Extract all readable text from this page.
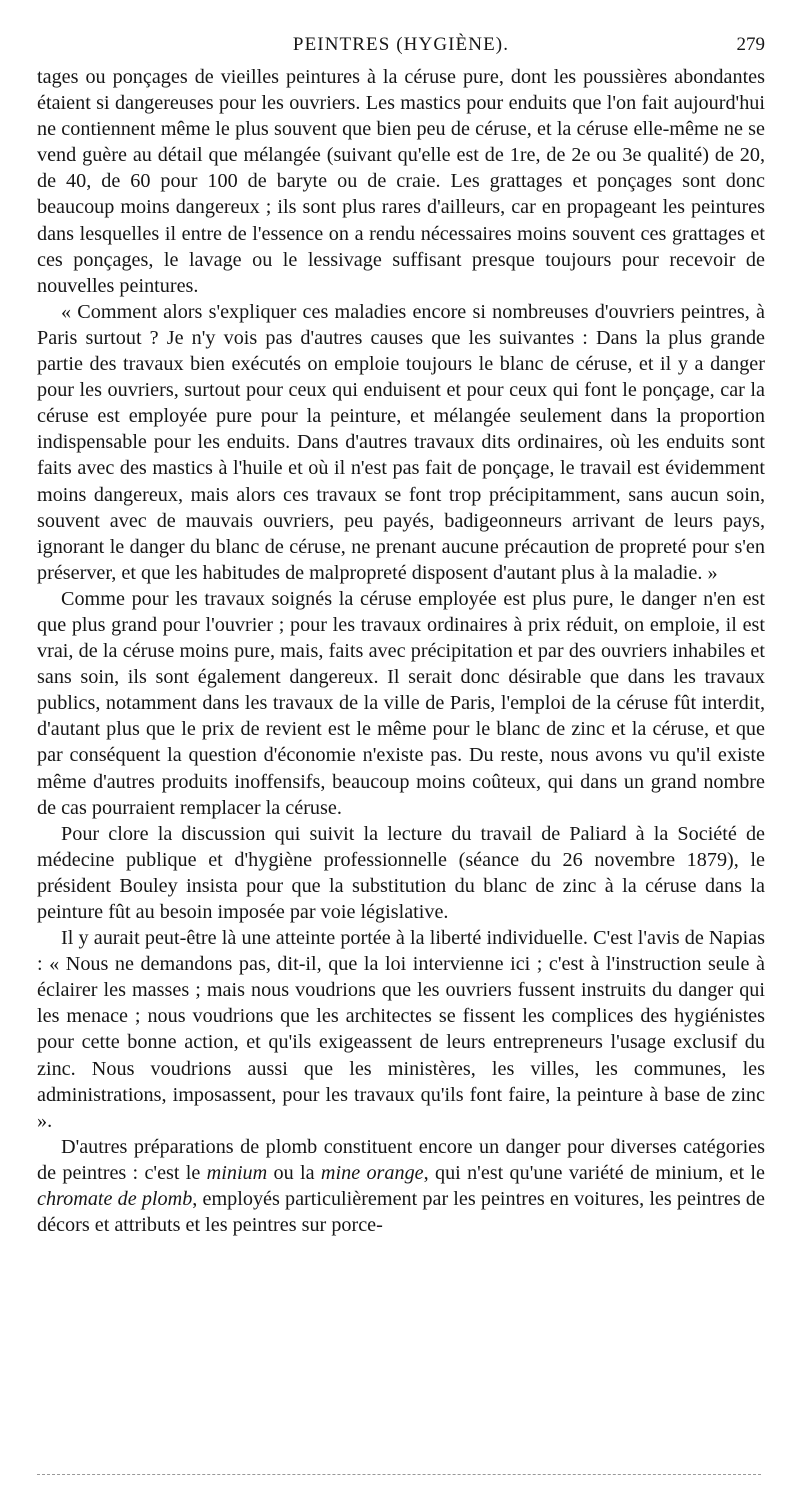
PEINTRES (HYGIÈNE).	279

tages ou ponçages de vieilles peintures à la céruse pure, dont les poussières abondantes étaient si dangereuses pour les ouvriers. Les mastics pour enduits que l'on fait aujourd'hui ne contiennent même le plus souvent que bien peu de céruse, et la céruse elle-même ne se vend guère au détail que mélangée (suivant qu'elle est de 1re, de 2e ou 3e qualité) de 20, de 40, de 60 pour 100 de baryte ou de craie. Les grattages et ponçages sont donc beaucoup moins dangereux ; ils sont plus rares d'ailleurs, car en propageant les peintures dans lesquelles il entre de l'essence on a rendu nécessaires moins souvent ces grattages et ces ponçages, le lavage ou le lessivage suffisant presque toujours pour recevoir de nouvelles peintures.

« Comment alors s'expliquer ces maladies encore si nombreuses d'ouvriers peintres, à Paris surtout ? Je n'y vois pas d'autres causes que les suivantes : Dans la plus grande partie des travaux bien exécutés on emploie toujours le blanc de céruse, et il y a danger pour les ouvriers, surtout pour ceux qui enduisent et pour ceux qui font le ponçage, car la céruse est employée pure pour la peinture, et mélangée seulement dans la proportion indispensable pour les enduits. Dans d'autres travaux dits ordinaires, où les enduits sont faits avec des mastics à l'huile et où il n'est pas fait de ponçage, le travail est évidemment moins dangereux, mais alors ces travaux se font trop précipitamment, sans aucun soin, souvent avec de mauvais ouvriers, peu payés, badigeonneurs arrivant de leurs pays, ignorant le danger du blanc de céruse, ne prenant aucune précaution de propreté pour s'en préserver, et que les habitudes de malpropreté disposent d'autant plus à la maladie. »

Comme pour les travaux soignés la céruse employée est plus pure, le danger n'en est que plus grand pour l'ouvrier ; pour les travaux ordinaires à prix réduit, on emploie, il est vrai, de la céruse moins pure, mais, faits avec précipitation et par des ouvriers inhabiles et sans soin, ils sont également dangereux. Il serait donc désirable que dans les travaux publics, notamment dans les travaux de la ville de Paris, l'emploi de la céruse fût interdit, d'autant plus que le prix de revient est le même pour le blanc de zinc et la céruse, et que par conséquent la question d'économie n'existe pas. Du reste, nous avons vu qu'il existe même d'autres produits inoffensifs, beaucoup moins coûteux, qui dans un grand nombre de cas pourraient remplacer la céruse.

Pour clore la discussion qui suivit la lecture du travail de Paliard à la Société de médecine publique et d'hygiène professionnelle (séance du 26 novembre 1879), le président Bouley insista pour que la substitution du blanc de zinc à la céruse dans la peinture fût au besoin imposée par voie législative.

Il y aurait peut-être là une atteinte portée à la liberté individuelle. C'est l'avis de Napias : « Nous ne demandons pas, dit-il, que la loi intervienne ici ; c'est à l'instruction seule à éclairer les masses ; mais nous voudrions que les ouvriers fussent instruits du danger qui les menace ; nous voudrions que les architectes se fissent les complices des hygiénistes pour cette bonne action, et qu'ils exigeassent de leurs entrepreneurs l'usage exclusif du zinc. Nous voudrions aussi que les ministères, les villes, les communes, les administrations, imposassent, pour les travaux qu'ils font faire, la peinture à base de zinc ».

D'autres préparations de plomb constituent encore un danger pour diverses catégories de peintres : c'est le minium ou la mine orange, qui n'est qu'une variété de minium, et le chromate de plomb, employés particulièrement par les peintres en voitures, les peintres de décors et attributs et les peintres sur porce-
